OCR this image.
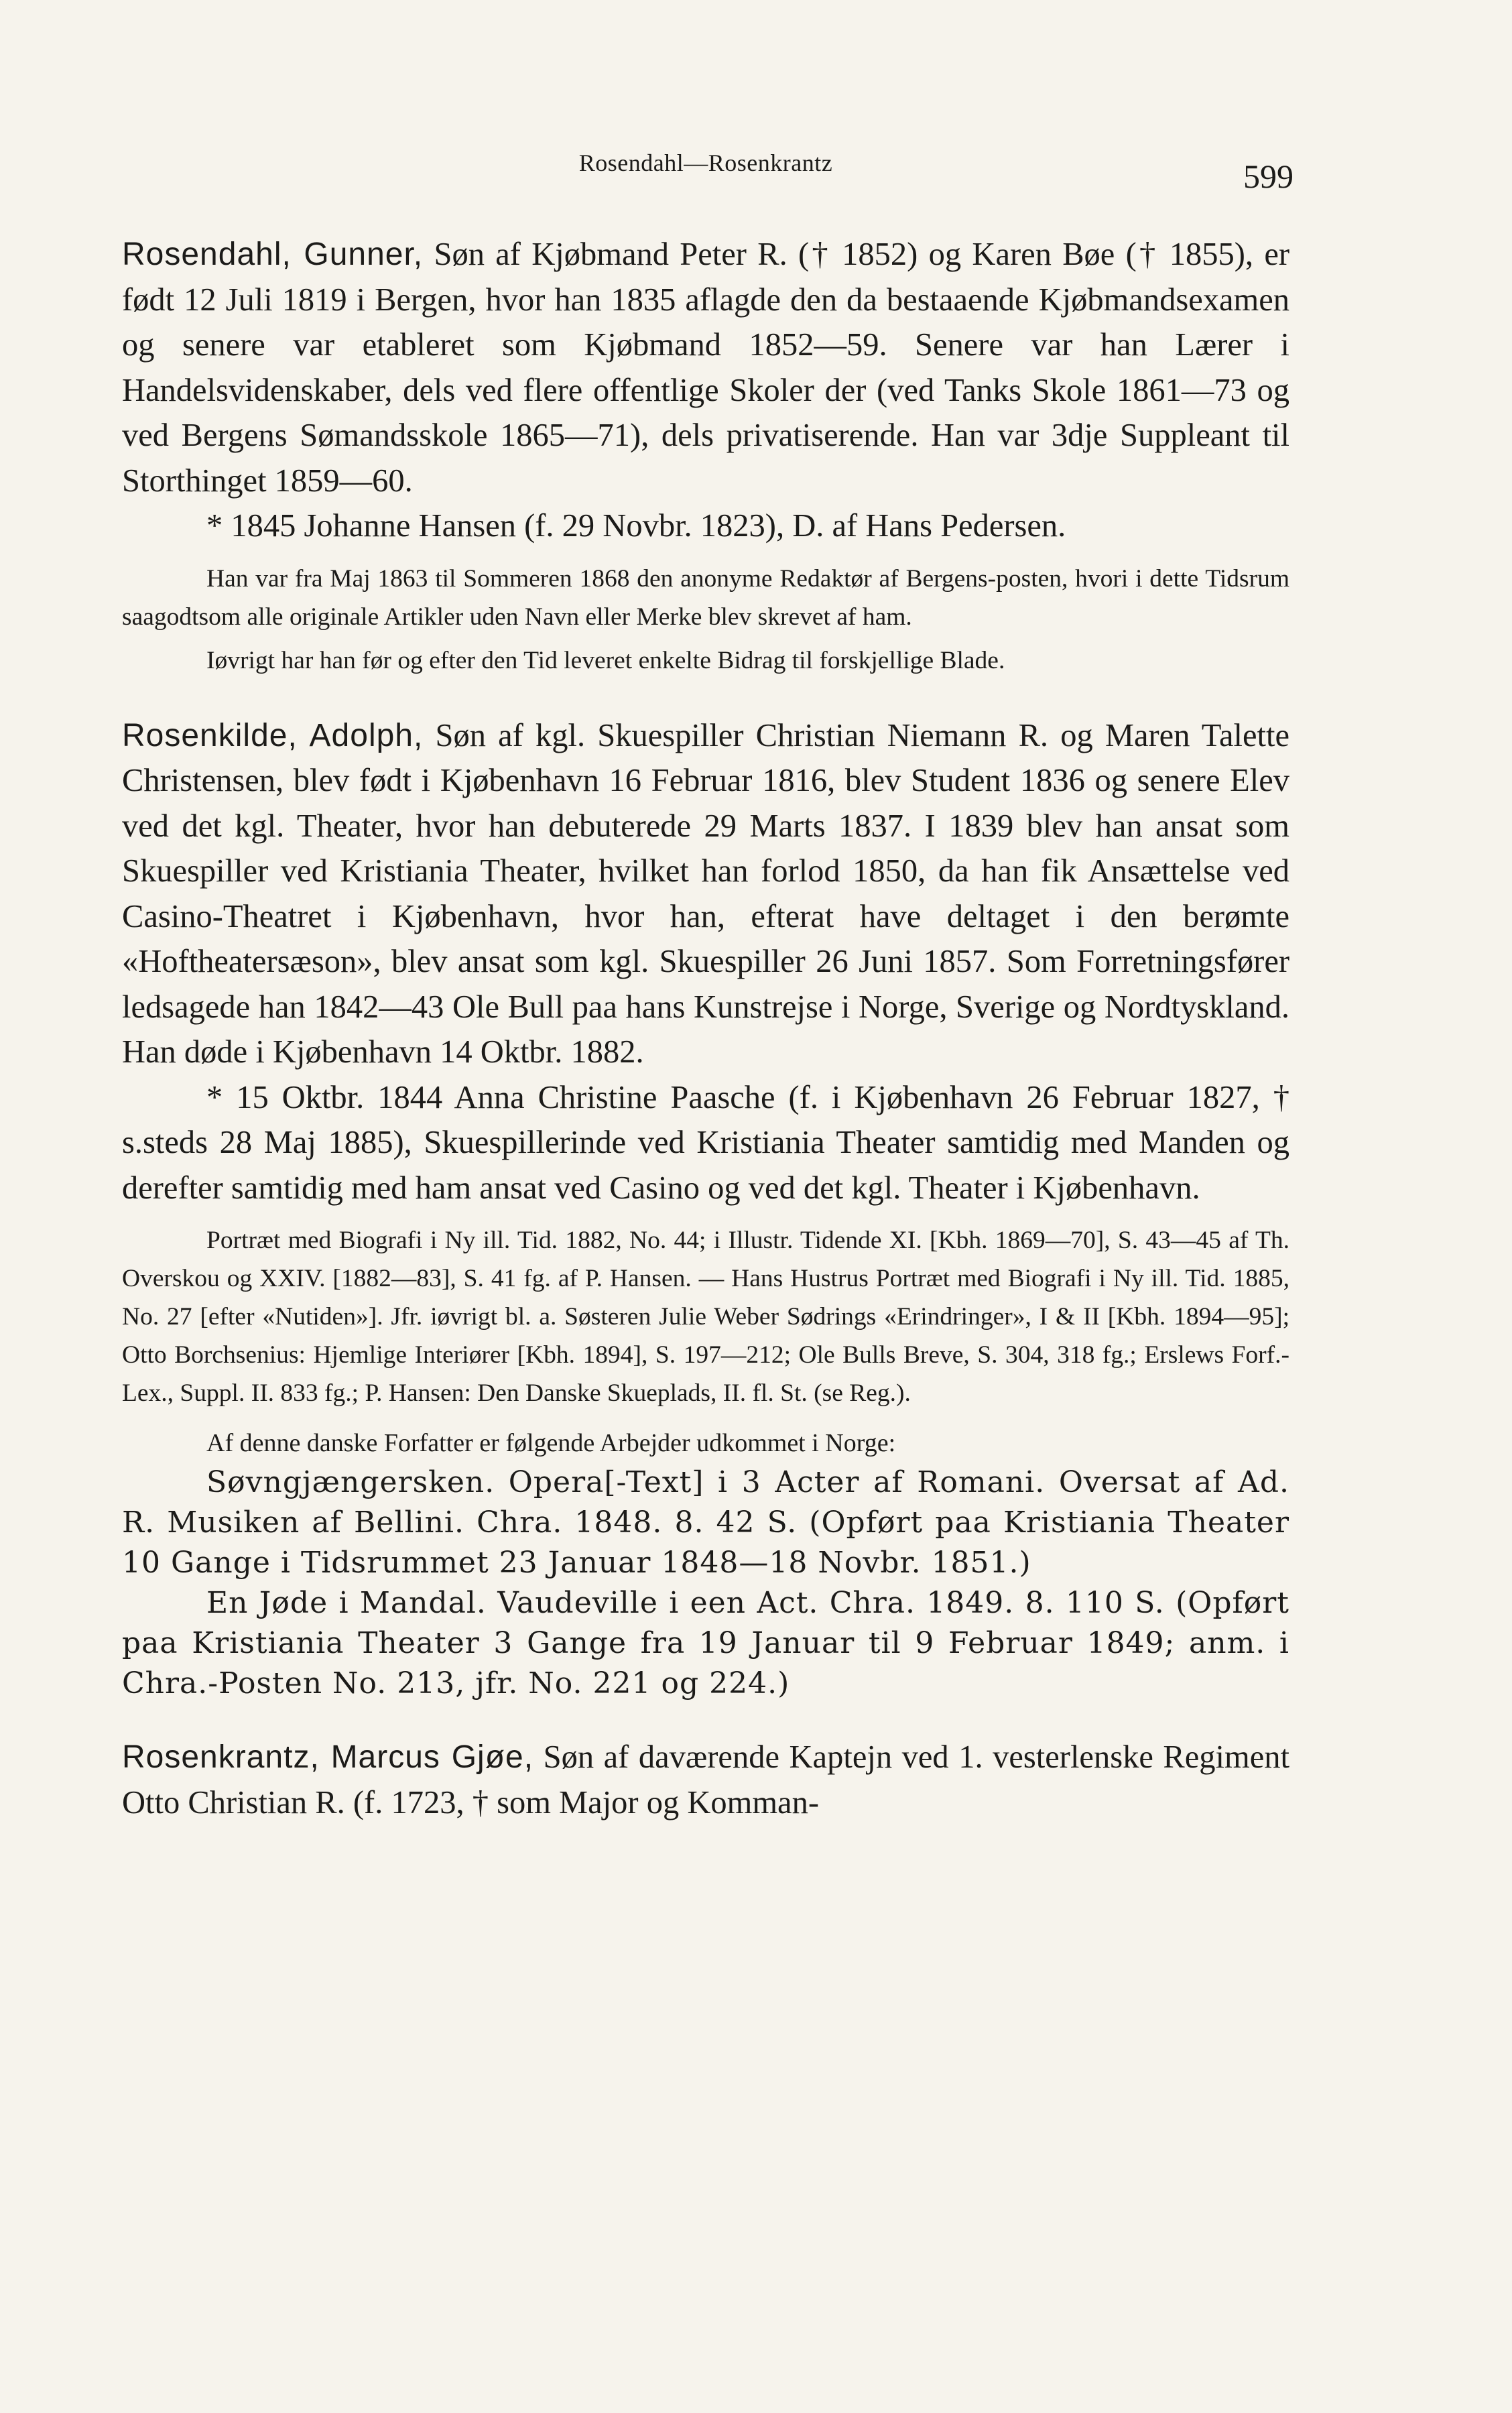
Rosendahl—Rosenkrantz	599

Rosendahl, Gunner, Søn af Kjøbmand Peter R. († 1852) og Karen Bøe († 1855), er født 12 Juli 1819 i Bergen, hvor han 1835 aflagde den da bestaaende Kjøbmandsexamen og senere var etableret som Kjøbmand 1852—59. Senere var han Lærer i Handelsvidenskaber, dels ved flere offentlige Skoler der (ved Tanks Skole 1861—73 og ved Bergens Sømandsskole 1865—71), dels privatiserende. Han var 3dje Suppleant til Storthinget 1859—60.

* 1845 Johanne Hansen (f. 29 Novbr. 1823), D. af Hans Pedersen.

Han var fra Maj 1863 til Sommeren 1868 den anonyme Redaktør af Bergens-posten, hvori i dette Tidsrum saagodtsom alle originale Artikler uden Navn eller Merke blev skrevet af ham.

Iøvrigt har han før og efter den Tid leveret enkelte Bidrag til forskjellige Blade.

Rosenkilde, Adolph, Søn af kgl. Skuespiller Christian Niemann R. og Maren Talette Christensen, blev født i Kjøbenhavn 16 Februar 1816, blev Student 1836 og senere Elev ved det kgl. Theater, hvor han debuterede 29 Marts 1837. I 1839 blev han ansat som Skuespiller ved Kristiania Theater, hvilket han forlod 1850, da han fik Ansættelse ved Casino-Theatret i Kjøbenhavn, hvor han, efterat have deltaget i den berømte «Hoftheatersæson», blev ansat som kgl. Skuespiller 26 Juni 1857. Som Forretningsfører ledsagede han 1842—43 Ole Bull paa hans Kunstrejse i Norge, Sverige og Nordtyskland. Han døde i Kjøbenhavn 14 Oktbr. 1882.

* 15 Oktbr. 1844 Anna Christine Paasche (f. i Kjøbenhavn 26 Februar 1827, † s.steds 28 Maj 1885), Skuespillerinde ved Kristiania Theater samtidig med Manden og derefter samtidig med ham ansat ved Casino og ved det kgl. Theater i Kjøbenhavn.

Portræt med Biografi i Ny ill. Tid. 1882, No. 44; i Illustr. Tidende XI. [Kbh. 1869—70], S. 43—45 af Th. Overskou og XXIV. [1882—83], S. 41 fg. af P. Hansen. — Hans Hustrus Portræt med Biografi i Ny ill. Tid. 1885, No. 27 [efter «Nutiden»]. Jfr. iøvrigt bl. a. Søsteren Julie Weber Sødrings «Erindringer», I & II [Kbh. 1894—95]; Otto Borchsenius: Hjemlige Interiører [Kbh. 1894], S. 197—212; Ole Bulls Breve, S. 304, 318 fg.; Erslews Forf.-Lex., Suppl. II. 833 fg.; P. Hansen: Den Danske Skueplads, II. fl. St. (se Reg.).

Af denne danske Forfatter er følgende Arbejder udkommet i Norge:

Søvngjængersken. Opera[-Text] i 3 Acter af Romani. Oversat af Ad. R. Musiken af Bellini. Chra. 1848. 8. 42 S. (Opført paa Kristiania Theater 10 Gange i Tidsrummet 23 Januar 1848—18 Novbr. 1851.)

En Jøde i Mandal. Vaudeville i een Act. Chra. 1849. 8. 110 S. (Opført paa Kristiania Theater 3 Gange fra 19 Januar til 9 Februar 1849; anm. i Chra.-Posten No. 213, jfr. No. 221 og 224.)

Rosenkrantz, Marcus Gjøe, Søn af daværende Kaptejn ved 1. vesterlenske Regiment Otto Christian R. (f. 1723, † som Major og Komman-
